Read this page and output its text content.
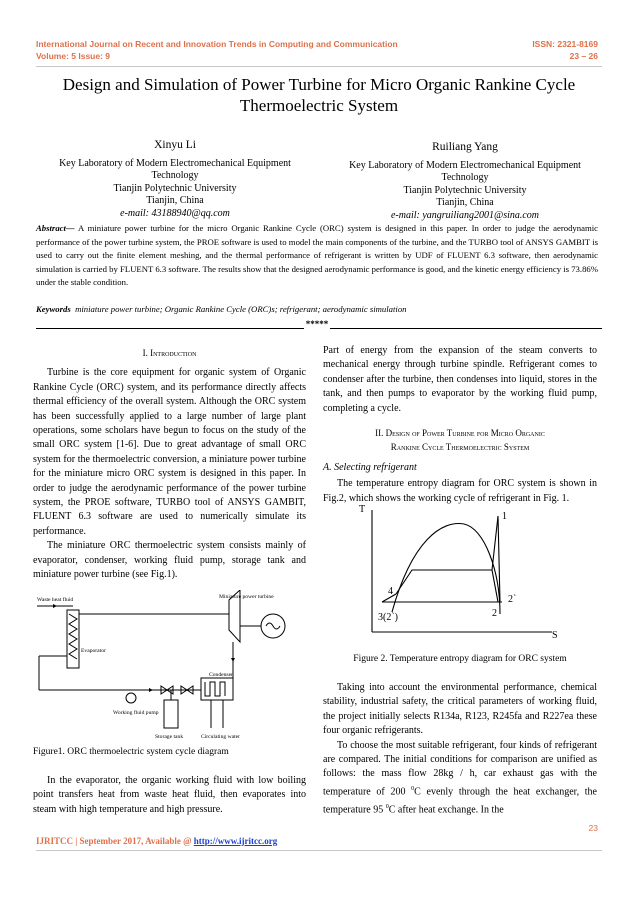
International Journal on Recent and Innovation Trends in Computing and Communication
Volume: 5 Issue: 9
ISSN: 2321-8169
23 – 26
Design and Simulation of Power Turbine for Micro Organic Rankine Cycle Thermoelectric System
Xinyu Li
Key Laboratory of Modern Electromechanical Equipment
Technology
Tianjin Polytechnic University
Tianjin, China
e-mail: 43188940@qq.com
Ruiliang Yang
Key Laboratory of Modern Electromechanical Equipment
Technology
Tianjin Polytechnic University
Tianjin, China
e-mail: yangruiliang2001@sina.com
Abstract— A miniature power turbine for the micro Organic Rankine Cycle (ORC) system is designed in this paper. In order to judge the aerodynamic performance of the power turbine system, the PROE software is used to model the main components of the turbine, and the TURBO tool of ANSYS GAMBIT is used to carry out the finite element meshing, and the thermal performance of refrigerant is written by UDF of FLUENT 6.3 software, then aerodynamic simulation is carried by FLUENT 6.3 software. The results show that the designed aerodynamic performance is good, and the kinetic energy efficiency is 73.86% under the stable condition.
Keywords miniature power turbine; Organic Rankine Cycle (ORC)s; refrigerant; aerodynamic simulation
*****
I. Introduction

Turbine is the core equipment for organic system of Organic Rankine Cycle (ORC) system, and its performance directly affects thermal efficiency of the overall system. Although the ORC system has been successfully applied to a large number of large plant operations, some scholars have begun to focus on the study of the small ORC system [1-6]. Due to great advantage of small ORC system for the thermoelectric conversion, a miniature power turbine for the miniature micro ORC system is designed in this paper. In order to judge the aerodynamic performance of the power turbine system, the PROE software, TURBO tool of ANSYS GAMBIT, FLUENT 6.3 software are used to numerically simulate its performance.

The miniature ORC thermoelectric system consists mainly of evaporator, condenser, working fluid pump, storage tank and miniature power turbine (see Fig.1).

Waste heat fluid	Miniature power turbine
Evaporator
Condenser
Working fluid pump
Storage tank	Circulating water
Figure1. ORC thermoelectric system cycle diagram

In the evaporator, the organic working fluid with low boiling point transfers heat from waste heat fluid, then evaporates into steam with high temperature and high pressure.

Part of energy from the expansion of the steam converts to mechanical energy through turbine spindle. Refrigerant comes to condenser after the turbine, then condenses into liquid, stores in the tank, and then pumps to evaporator by the working fluid pump, completing a cycle.

II. Design of Power Turbine for Micro Organic
Rankine Cycle Thermoelectric System
A. Selecting refrigerant

The temperature entropy diagram for ORC system is shown in Fig.2, which shows the working cycle of refrigerant in Fig. 1.

T
S
1
4
2`
2
3(2`)
Figure 2. Temperature entropy diagram for ORC system

Taking into account the environmental performance, chemical stability, industrial safety, the critical parameters of working fluid, the project initially selects R134a, R123, R245fa and R227ea these four organic refrigerants.

To choose the most suitable refrigerant, four kinds of refrigerant are compared. The initial conditions for comparison are unified as follows: the mass flow 28kg / h, car exhaust gas with the temperature of 200 $^0$C evenly through the heat exchanger, the temperature 95 $^0$C after heat exchange. In the

23
IJRITCC | September 2017, Available @ http://www.ijritcc.org
